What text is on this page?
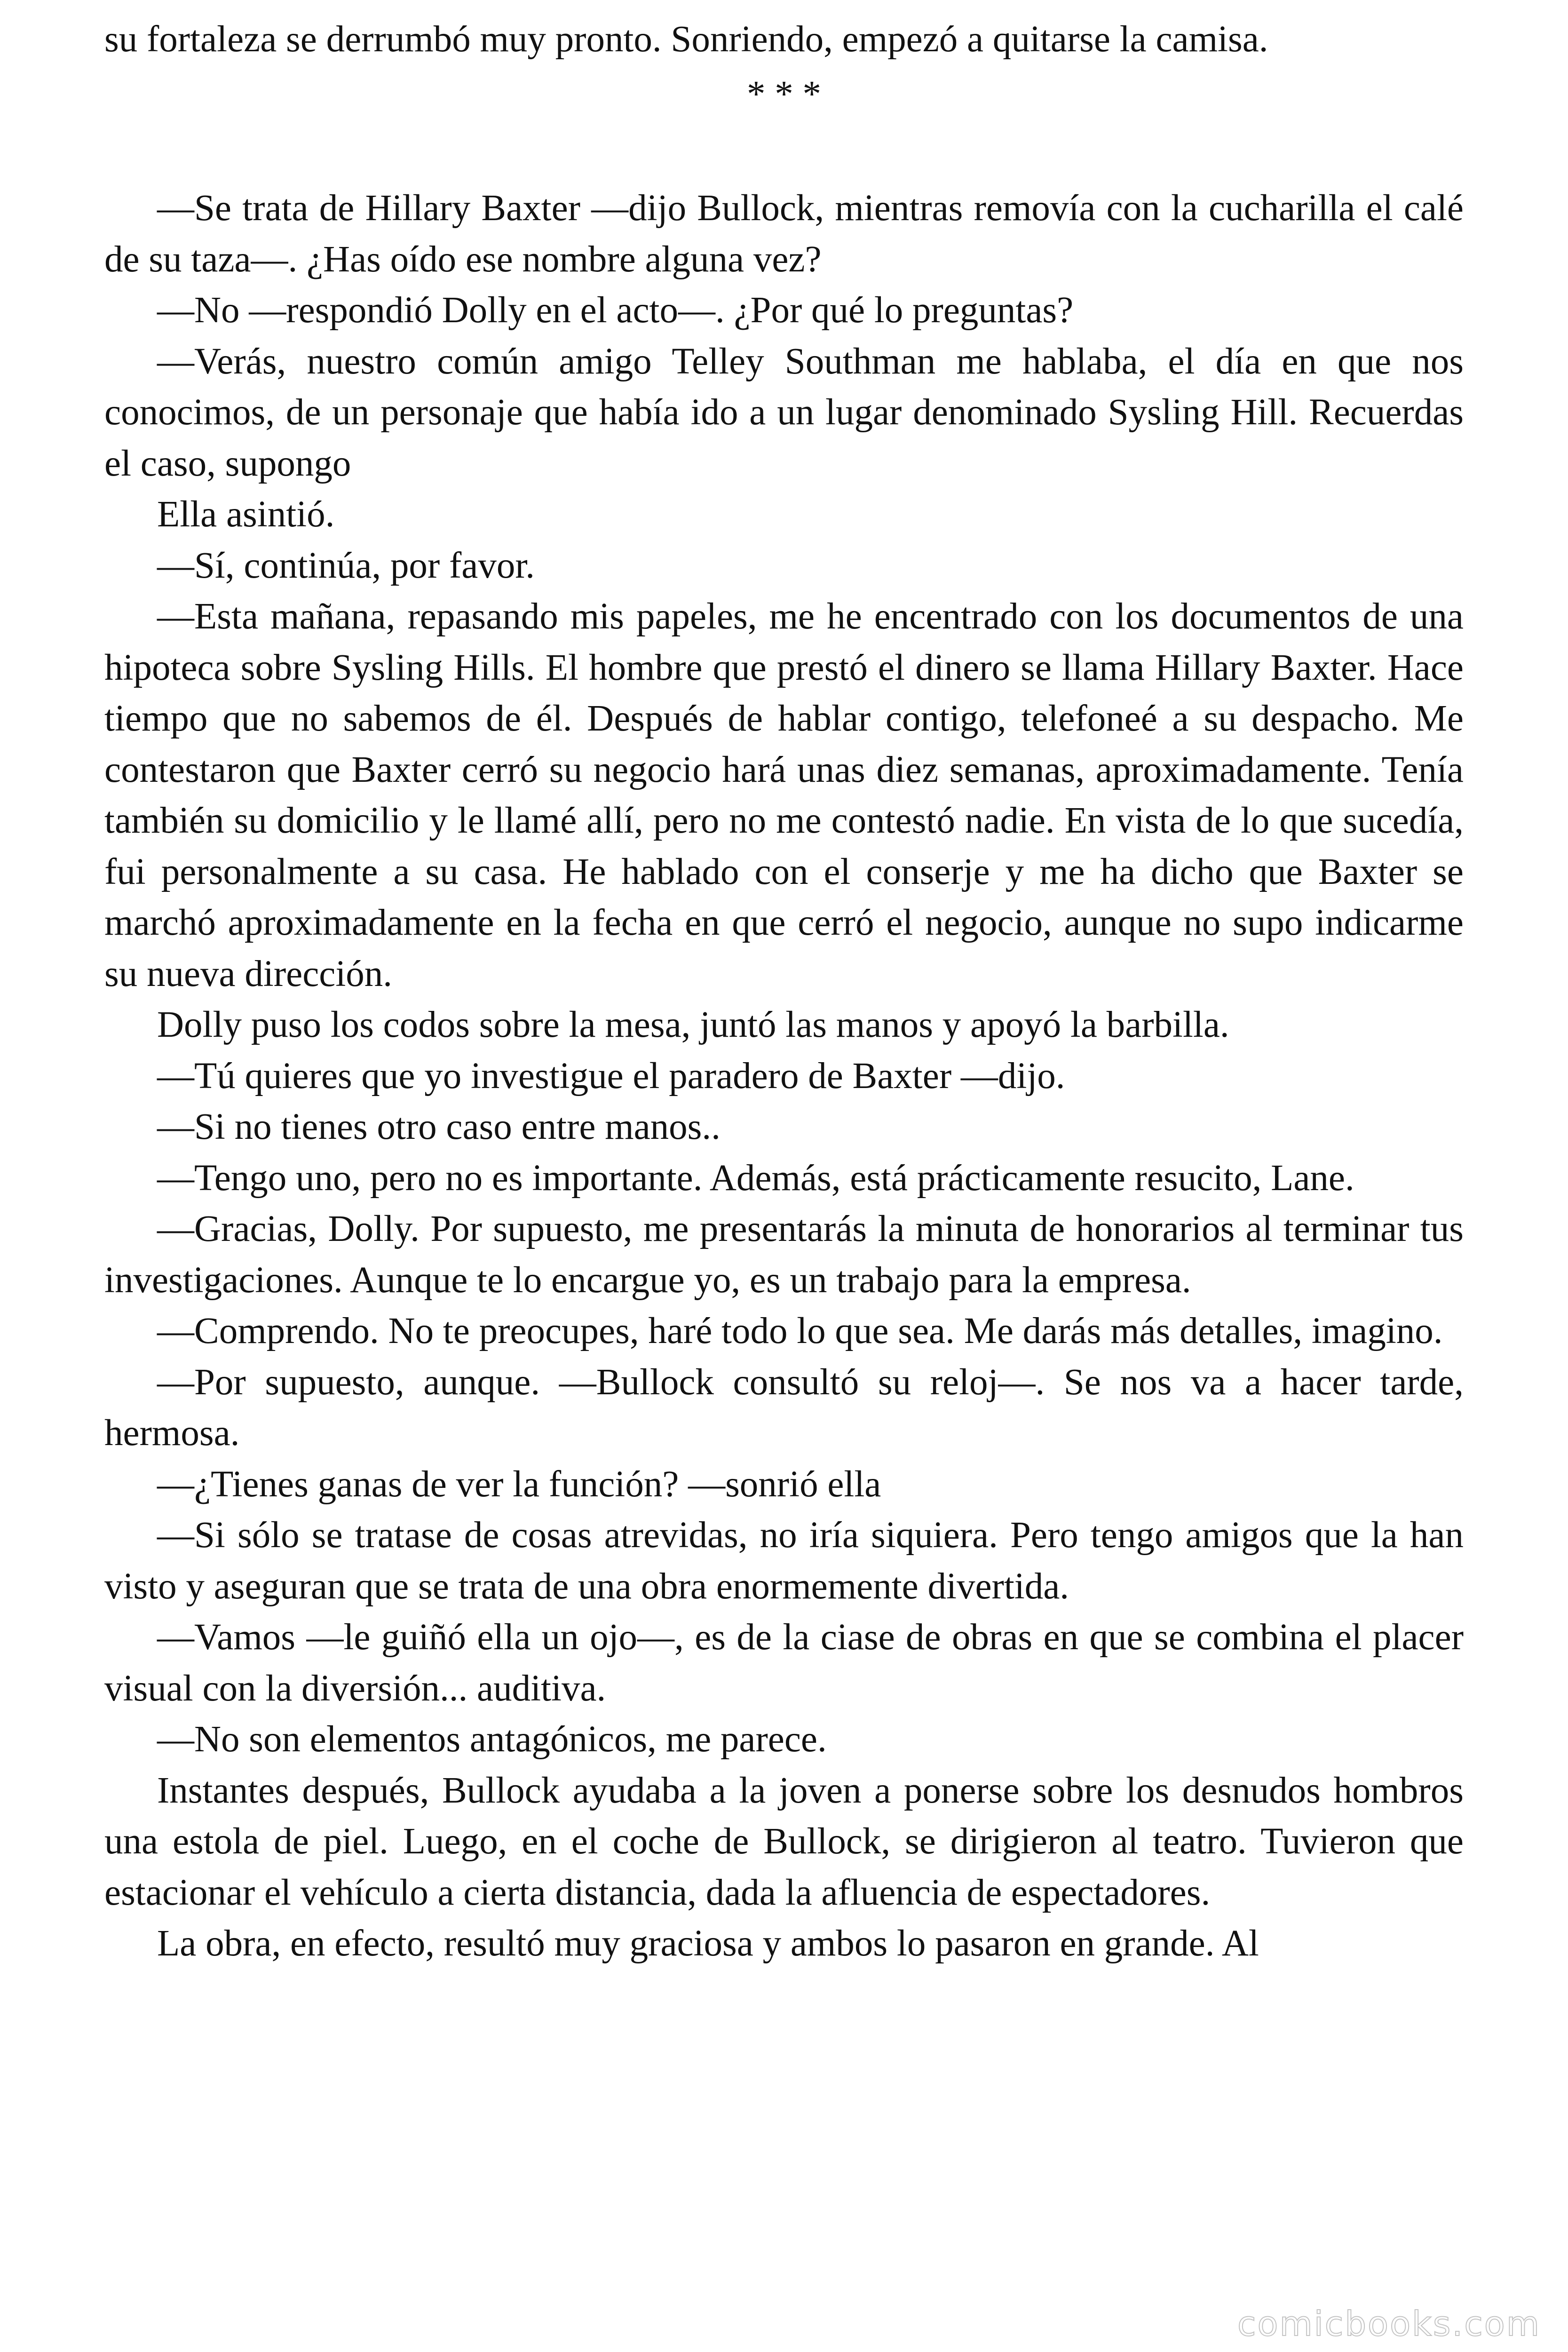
su fortaleza se derrumbó muy pronto. Sonriendo, empezó a quitarse la camisa.

* * *

—Se trata de Hillary Baxter —dijo Bullock, mientras removía con la cucharilla el calé de su taza—. ¿Has oído ese nombre alguna vez?

—No —respondió Dolly en el acto—. ¿Por qué lo preguntas?

—Verás, nuestro común amigo Telley Southman me hablaba, el día en que nos conocimos, de un personaje que había ido a un lugar denominado Sysling Hill. Recuerdas el caso, supongo

Ella asintió.

—Sí, continúa, por favor.

—Esta mañana, repasando mis papeles, me he encentrado con los documentos de una hipoteca sobre Sysling Hills. El hombre que prestó el dinero se llama Hillary Baxter. Hace tiempo que no sabemos de él. Después de hablar contigo, telefoneé a su despacho. Me contestaron que Baxter cerró su negocio hará unas diez semanas, aproximadamente. Tenía también su domicilio y le llamé allí, pero no me contestó nadie. En vista de lo que sucedía, fui personalmente a su casa. He hablado con el conserje y me ha dicho que Baxter se marchó aproximadamente en la fecha en que cerró el negocio, aunque no supo indicarme su nueva dirección.

Dolly puso los codos sobre la mesa, juntó las manos y apoyó la barbilla.

—Tú quieres que yo investigue el paradero de Baxter —dijo.

—Si no tienes otro caso entre manos..

—Tengo uno, pero no es importante. Además, está prácticamente resucito, Lane.

—Gracias, Dolly. Por supuesto, me presentarás la minuta de honorarios al terminar tus investigaciones. Aunque te lo encargue yo, es un trabajo para la empresa.

—Comprendo. No te preocupes, haré todo lo que sea. Me darás más detalles, imagino.

—Por supuesto, aunque. —Bullock consultó su reloj—. Se nos va a hacer tarde, hermosa.

—¿Tienes ganas de ver la función? —sonrió ella

—Si sólo se tratase de cosas atrevidas, no iría siquiera. Pero tengo amigos que la han visto y aseguran que se trata de una obra enormemente divertida.

—Vamos —le guiñó ella un ojo—, es de la ciase de obras en que se combina el placer visual con la diversión... auditiva.

—No son elementos antagónicos, me parece.

Instantes después, Bullock ayudaba a la joven a ponerse sobre los desnudos hombros una estola de piel. Luego, en el coche de Bullock, se dirigieron al teatro. Tuvieron que estacionar el vehículo a cierta distancia, dada la afluencia de espectadores.

La obra, en efecto, resultó muy graciosa y ambos lo pasaron en grande. Al

comicbooks.com
